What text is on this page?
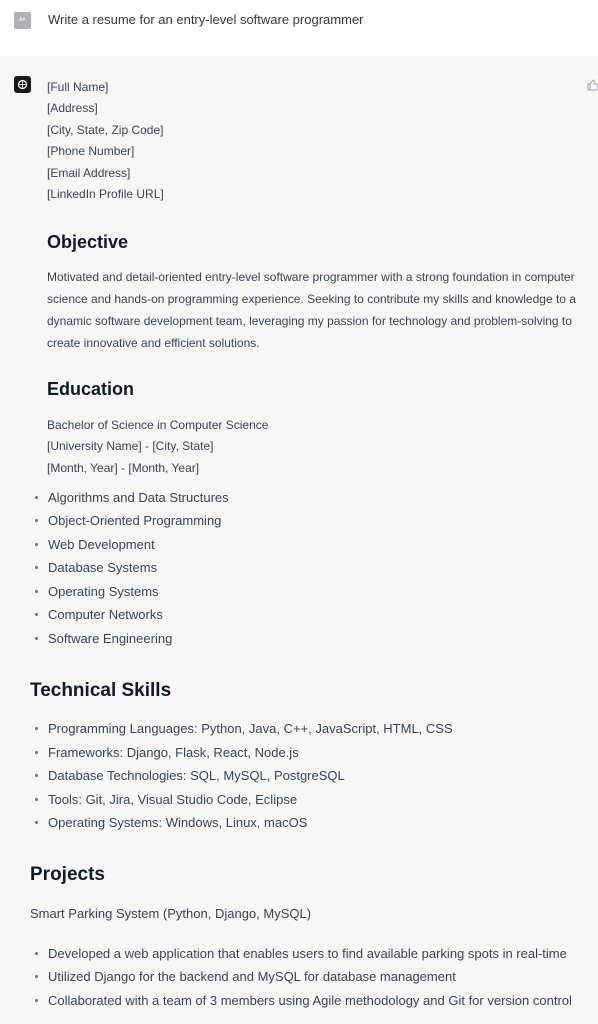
AA	Write a resume for an entry-level software programmer
[Full Name]
[Address]
[City, State, Zip Code]
[Phone Number]
[Email Address]
[LinkedIn Profile URL]
Objective
Motivated and detail-oriented entry-level software programmer with a strong foundation in computer
science and hands-on programming experience. Seeking to contribute my skills and knowledge to a
dynamic software development team, leveraging my passion for technology and problem-solving to
create innovative and efficient solutions.
Education
Bachelor of Science in Computer Science
[University Name] - [City, State]
[Month, Year] - [Month, Year]
Algorithms and Data Structures
Object-Oriented Programming
Web Development
Database Systems
Operating Systems
Computer Networks
Software Engineering
Technical Skills
Programming Languages: Python, Java, C++, JavaScript, HTML, CSS
Frameworks: Django, Flask, React, Node.js
Database Technologies: SQL, MySQL, PostgreSQL
Tools: Git, Jira, Visual Studio Code, Eclipse
Operating Systems: Windows, Linux, macOS
Projects
Smart Parking System (Python, Django, MySQL)
Developed a web application that enables users to find available parking spots in real-time
Utilized Django for the backend and MySQL for database management
Collaborated with a team of 3 members using Agile methodology and Git for version control
